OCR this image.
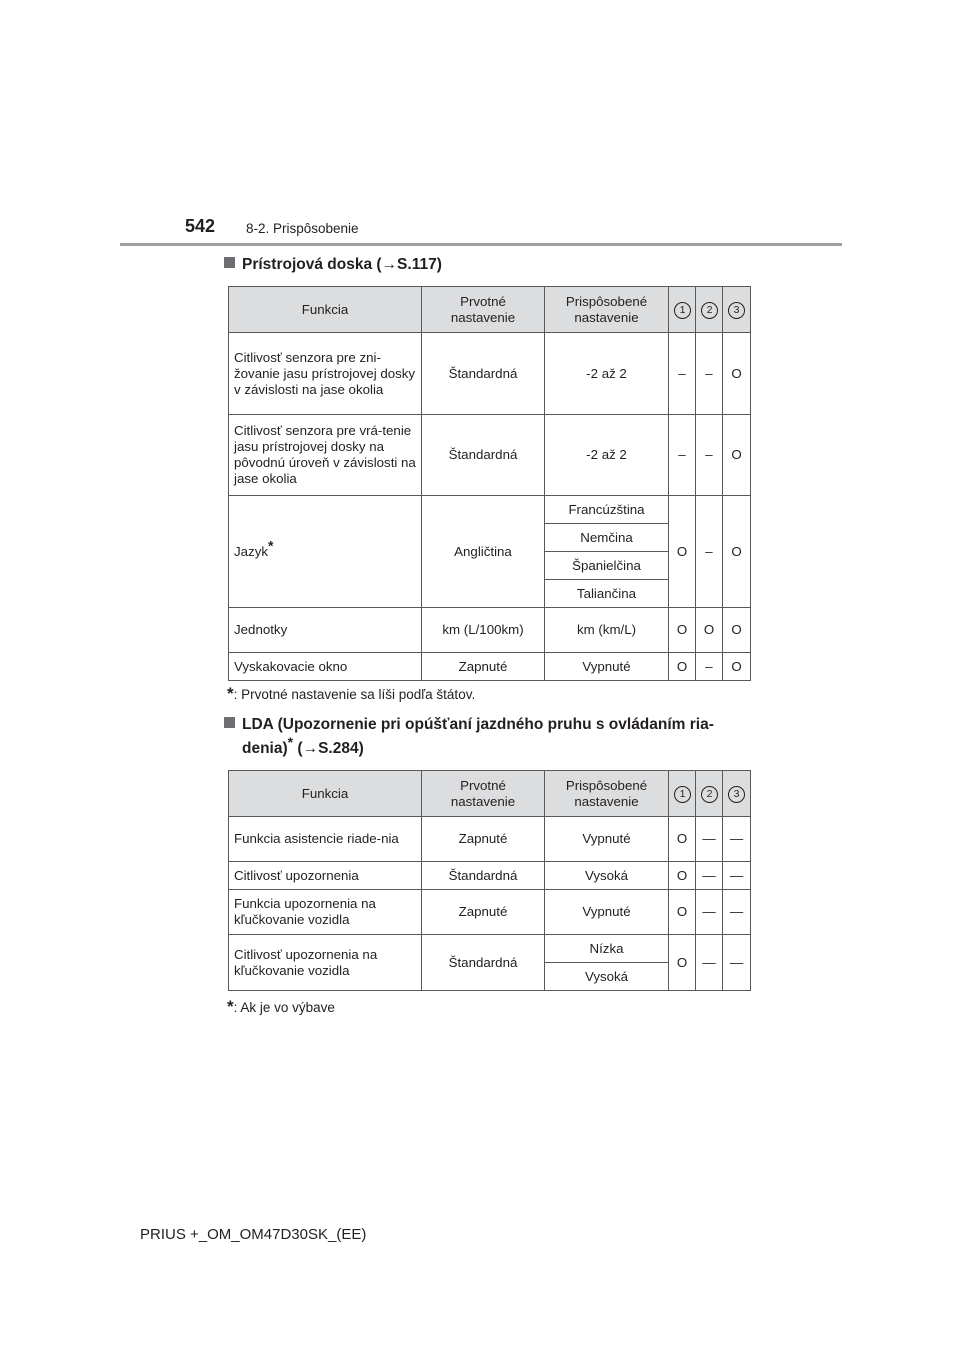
542 8-2. Prispôsobenie
Prístrojová doska (→S.117)
Funkcia	Prvotné nastavenie	Prispôsobené nastavenie	1	2	3
Citlivosť senzora pre zni-žovanie jasu prístrojovej dosky v závislosti na jase okolia	Štandardná	-2 až 2	–	–	O
Citlivosť senzora pre vrá-tenie jasu prístrojovej dosky na pôvodnú úroveň v závislosti na jase okolia	Štandardná	-2 až 2	–	–	O
Jazyk*	Angličtina	Francúzština	O	–	O
		Nemčina			
		Španielčina			
		Taliančina			
Jednotky	km (L/100km)	km (km/L)	O	O	O
Vyskakovacie okno	Zapnuté	Vypnuté	O	–	O
*: Prvotné nastavenie sa líši podľa štátov.
LDA (Upozornenie pri opúšťaní jazdného pruhu s ovládaním ria-
denia)* (→S.284)
Funkcia	Prvotné nastavenie	Prispôsobené nastavenie	1	2	3
Funkcia asistencie riade-nia	Zapnuté	Vypnuté	O	—	—
Citlivosť upozornenia	Štandardná	Vysoká	O	—	—
Funkcia upozornenia na kľučkovanie vozidla	Zapnuté	Vypnuté	O	—	—
Citlivosť upozornenia na kľučkovanie vozidla	Štandardná	Nízka	O	—	—
		Vysoká			
*: Ak je vo výbave
PRIUS +_OM_OM47D30SK_(EE)
